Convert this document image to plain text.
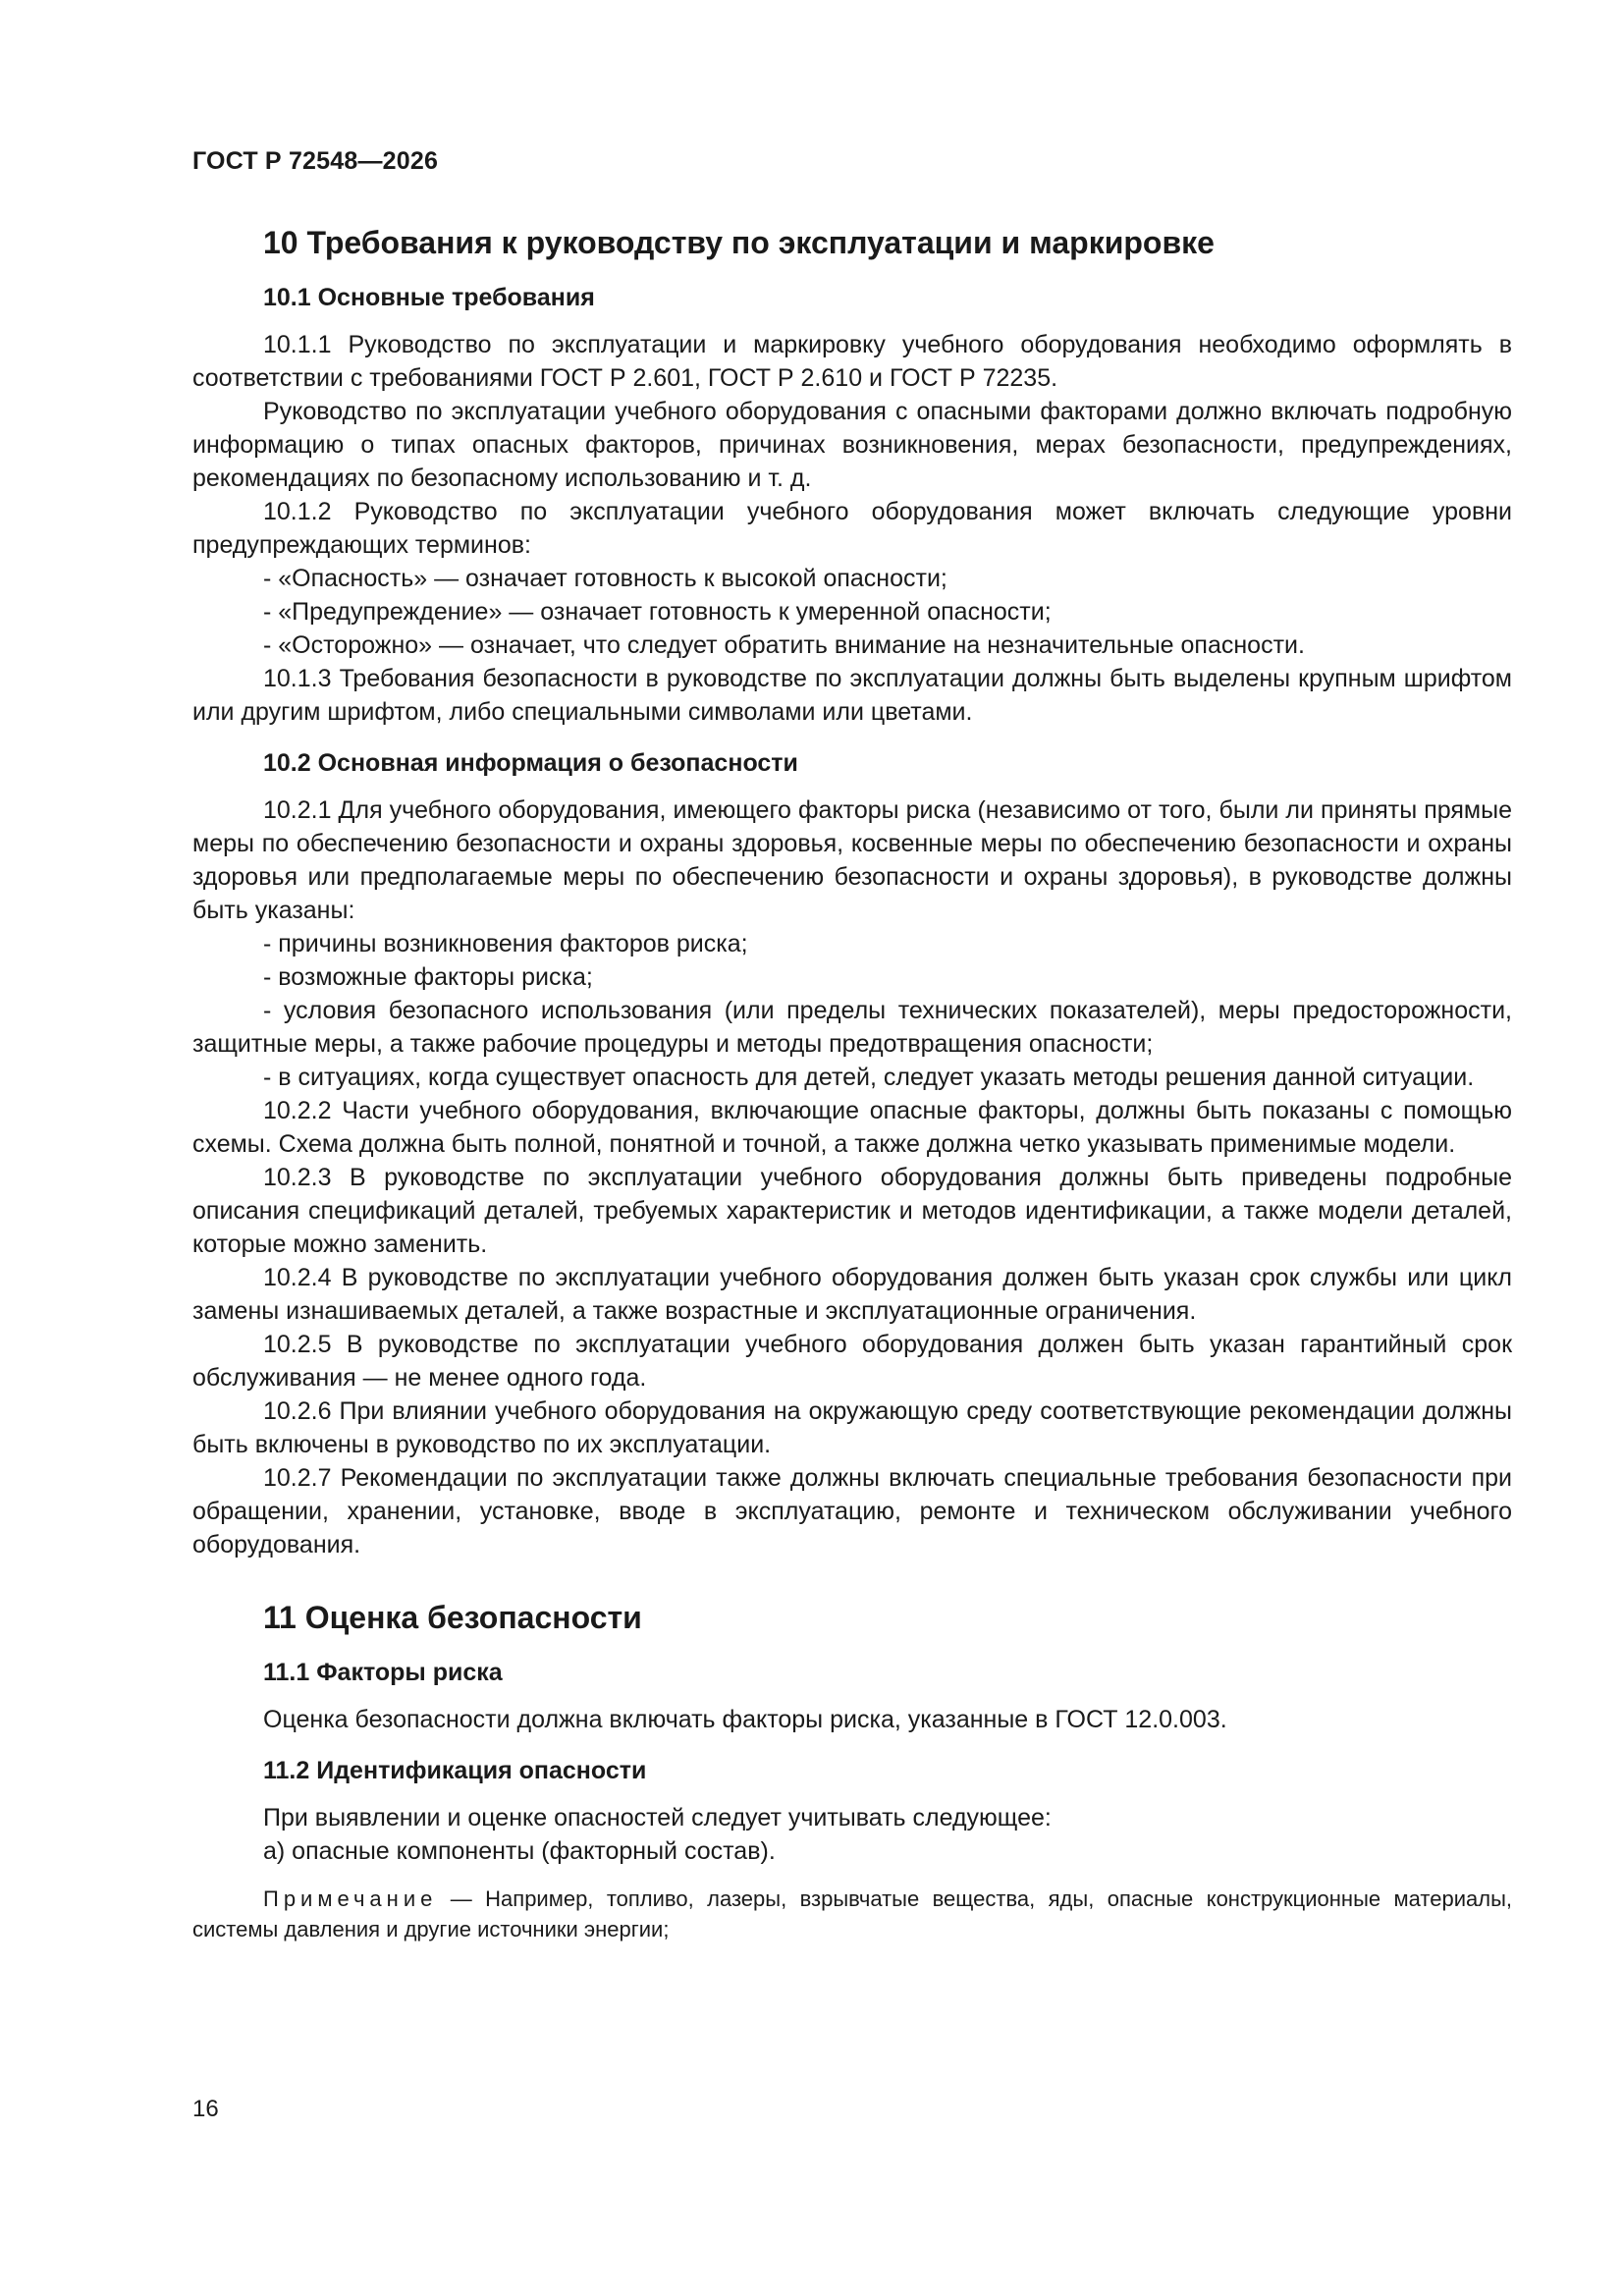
ГОСТ Р 72548—2026
10 Требования к руководству по эксплуатации и маркировке
10.1 Основные требования

10.1.1 Руководство по эксплуатации и маркировку учебного оборудования необходимо оформлять в соответствии с требованиями ГОСТ Р 2.601, ГОСТ Р 2.610 и ГОСТ Р 72235.

Руководство по эксплуатации учебного оборудования с опасными факторами должно включать подробную информацию о типах опасных факторов, причинах возникновения, мерах безопасности, предупреждениях, рекомендациях по безопасному использованию и т. д.

10.1.2 Руководство по эксплуатации учебного оборудования может включать следующие уровни предупреждающих терминов:

- «Опасность» — означает готовность к высокой опасности;

- «Предупреждение» — означает готовность к умеренной опасности;

- «Осторожно» — означает, что следует обратить внимание на незначительные опасности.

10.1.3 Требования безопасности в руководстве по эксплуатации должны быть выделены крупным шрифтом или другим шрифтом, либо специальными символами или цветами.

10.2 Основная информация о безопасности

10.2.1 Для учебного оборудования, имеющего факторы риска (независимо от того, были ли приняты прямые меры по обеспечению безопасности и охраны здоровья, косвенные меры по обеспечению безопасности и охраны здоровья или предполагаемые меры по обеспечению безопасности и охраны здоровья), в руководстве должны быть указаны:

- причины возникновения факторов риска;

- возможные факторы риска;

- условия безопасного использования (или пределы технических показателей), меры предосторожности, защитные меры, а также рабочие процедуры и методы предотвращения опасности;

- в ситуациях, когда существует опасность для детей, следует указать методы решения данной ситуации.

10.2.2 Части учебного оборудования, включающие опасные факторы, должны быть показаны с помощью схемы. Схема должна быть полной, понятной и точной, а также должна четко указывать применимые модели.

10.2.3 В руководстве по эксплуатации учебного оборудования должны быть приведены подробные описания спецификаций деталей, требуемых характеристик и методов идентификации, а также модели деталей, которые можно заменить.

10.2.4 В руководстве по эксплуатации учебного оборудования должен быть указан срок службы или цикл замены изнашиваемых деталей, а также возрастные и эксплуатационные ограничения.

10.2.5 В руководстве по эксплуатации учебного оборудования должен быть указан гарантийный срок обслуживания — не менее одного года.

10.2.6 При влиянии учебного оборудования на окружающую среду соответствующие рекомендации должны быть включены в руководство по их эксплуатации.

10.2.7 Рекомендации по эксплуатации также должны включать специальные требования безопасности при обращении, хранении, установке, вводе в эксплуатацию, ремонте и техническом обслуживании учебного оборудования.

11 Оценка безопасности
11.1 Факторы риска

Оценка безопасности должна включать факторы риска, указанные в ГОСТ 12.0.003.

11.2 Идентификация опасности

При выявлении и оценке опасностей следует учитывать следующее:

а) опасные компоненты (факторный состав).

Примечание — Например, топливо, лазеры, взрывчатые вещества, яды, опасные конструкционные материалы, системы давления и другие источники энергии;

16
